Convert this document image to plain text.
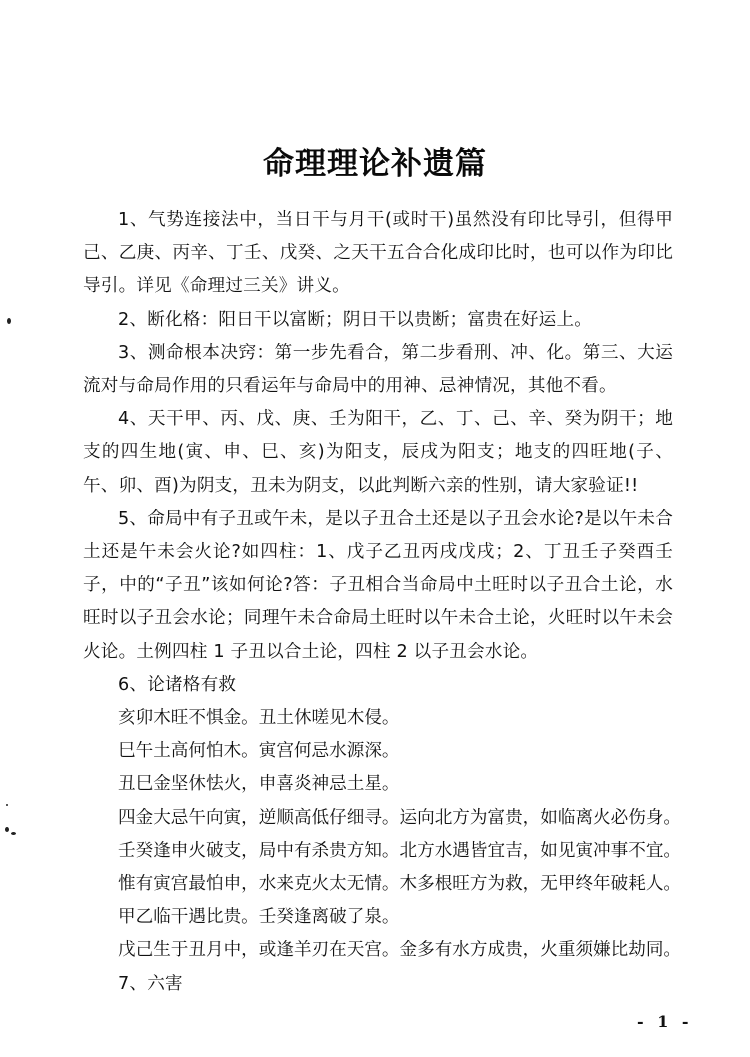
命理理论补遗篇

1、气势连接法中，当日干与月干(或时干)虽然没有印比导引，但得甲己、乙庚、丙辛、丁壬、戊癸、之天干五合合化成印比时，也可以作为印比导引。详见《命理过三关》讲义。

2、断化格：阳日干以富断；阴日干以贵断；富贵在好运上。

3、测命根本决窍：第一步先看合，第二步看刑、冲、化。第三、大运流对与命局作用的只看运年与命局中的用神、忌神情况，其他不看。

4、天干甲、丙、戊、庚、壬为阳干，乙、丁、己、辛、癸为阴干；地支的四生地(寅、申、巳、亥)为阳支，辰戌为阳支；地支的四旺地(子、午、卯、酉)为阴支，丑未为阴支，以此判断六亲的性别，请大家验证!!

5、命局中有子丑或午未，是以子丑合土还是以子丑会水论?是以午未合土还是午未会火论?如四柱：1、戊子乙丑丙戌戊戌；2、丁丑壬子癸酉壬子，中的“子丑”该如何论?答：子丑相合当命局中土旺时以子丑合土论，水旺时以子丑会水论；同理午未合命局土旺时以午未合土论，火旺时以午未会火论。土例四柱 1 子丑以合土论，四柱 2 以子丑会水论。

6、论诸格有救

亥卯木旺不惧金。丑土休嗟见木侵。

巳午土高何怕木。寅宫何忌水源深。

丑巳金坚休怯火，申喜炎神忌土星。

四金大忌午向寅，逆顺高低仔细寻。运向北方为富贵，如临离火必伤身。

壬癸逢申火破支，局中有杀贵方知。北方水遇皆宜吉，如见寅冲事不宜。

惟有寅宫最怕申，水来克火太无情。木多根旺方为救，无甲终年破耗人。

甲乙临干遇比贵。壬癸逢离破了泉。

戊己生于丑月中，或逢羊刃在天宫。金多有水方成贵，火重须嫌比劫同。

7、六害

- 1 -
